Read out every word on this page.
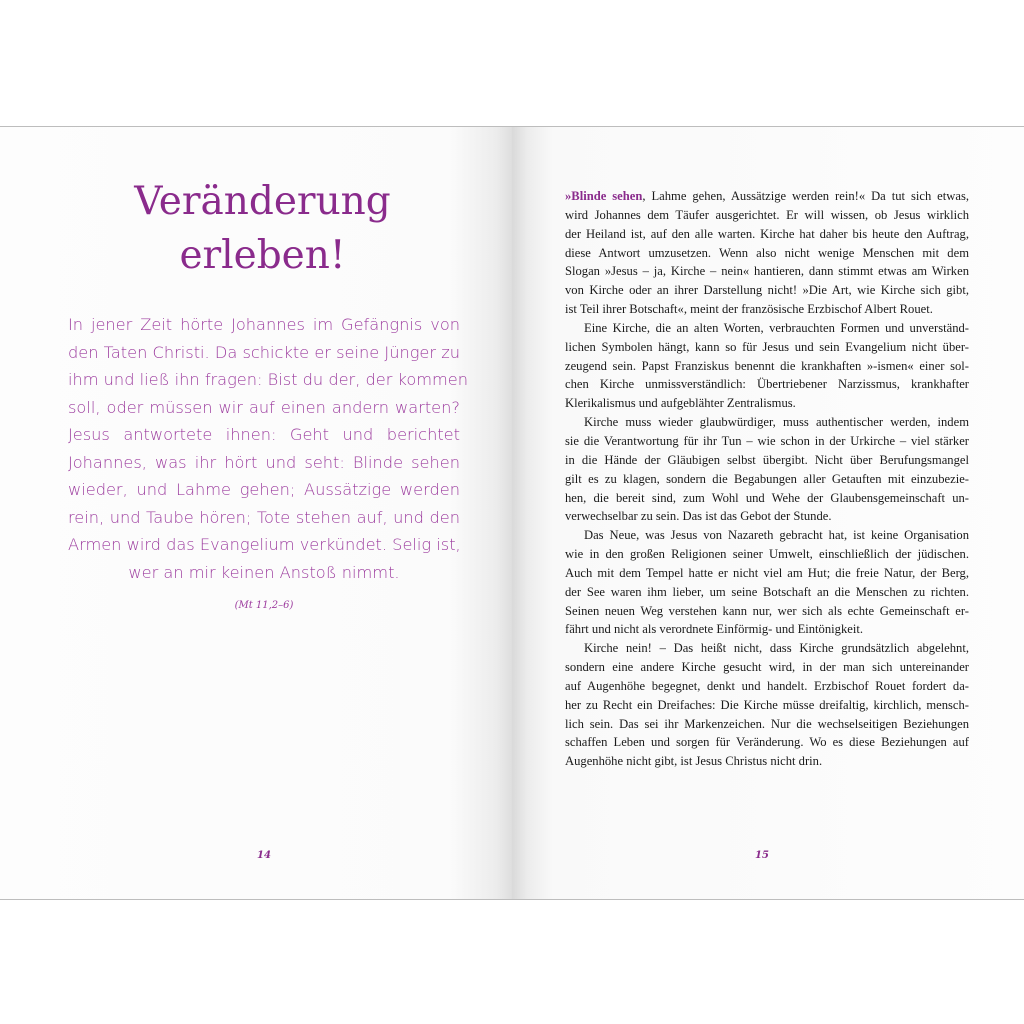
Veränderung
erleben!
In jener Zeit hörte Johannes im Gefängnis von
den Taten Christi. Da schickte er seine Jünger zu
ihm und ließ ihn fragen: Bist du der, der kommen
soll, oder müssen wir auf einen andern warten?
Jesus antwortete ihnen: Geht und berichtet
Johannes, was ihr hört und seht: Blinde sehen
wieder, und Lahme gehen; Aussätzige werden
rein, und Taube hören; Tote stehen auf, und den
Armen wird das Evangelium verkündet. Selig ist,
wer an mir keinen Anstoß nimmt.
(Mt 11,2–6)
14
»Blinde sehen, Lahme gehen, Aussätzige werden rein!« Da tut sich etwas,
wird Johannes dem Täufer ausgerichtet. Er will wissen, ob Jesus wirklich
der Heiland ist, auf den alle warten. Kirche hat daher bis heute den Auftrag,
diese Antwort umzusetzen. Wenn also nicht wenige Menschen mit dem
Slogan »Jesus – ja, Kirche – nein« hantieren, dann stimmt etwas am Wirken
von Kirche oder an ihrer Darstellung nicht! »Die Art, wie Kirche sich gibt,
ist Teil ihrer Botschaft«, meint der französische Erzbischof Albert Rouet.
Eine Kirche, die an alten Worten, verbrauchten Formen und unverständ-
lichen Symbolen hängt, kann so für Jesus und sein Evangelium nicht über-
zeugend sein. Papst Franziskus benennt die krankhaften »-ismen« einer sol-
chen Kirche unmissverständlich: Übertriebener Narzissmus, krankhafter
Klerikalismus und aufgeblähter Zentralismus.
Kirche muss wieder glaubwürdiger, muss authentischer werden, indem
sie die Verantwortung für ihr Tun – wie schon in der Urkirche – viel stärker
in die Hände der Gläubigen selbst übergibt. Nicht über Berufungsmangel
gilt es zu klagen, sondern die Begabungen aller Getauften mit einzubezie-
hen, die bereit sind, zum Wohl und Wehe der Glaubensgemeinschaft un-
verwechselbar zu sein. Das ist das Gebot der Stunde.
Das Neue, was Jesus von Nazareth gebracht hat, ist keine Organisation
wie in den großen Religionen seiner Umwelt, einschließlich der jüdischen.
Auch mit dem Tempel hatte er nicht viel am Hut; die freie Natur, der Berg,
der See waren ihm lieber, um seine Botschaft an die Menschen zu richten.
Seinen neuen Weg verstehen kann nur, wer sich als echte Gemeinschaft er-
fährt und nicht als verordnete Einförmig- und Eintönigkeit.
Kirche nein! – Das heißt nicht, dass Kirche grundsätzlich abgelehnt,
sondern eine andere Kirche gesucht wird, in der man sich untereinander
auf Augenhöhe begegnet, denkt und handelt. Erzbischof Rouet fordert da-
her zu Recht ein Dreifaches: Die Kirche müsse dreifaltig, kirchlich, mensch-
lich sein. Das sei ihr Markenzeichen. Nur die wechselseitigen Beziehungen
schaffen Leben und sorgen für Veränderung. Wo es diese Beziehungen auf
Augenhöhe nicht gibt, ist Jesus Christus nicht drin.
15
